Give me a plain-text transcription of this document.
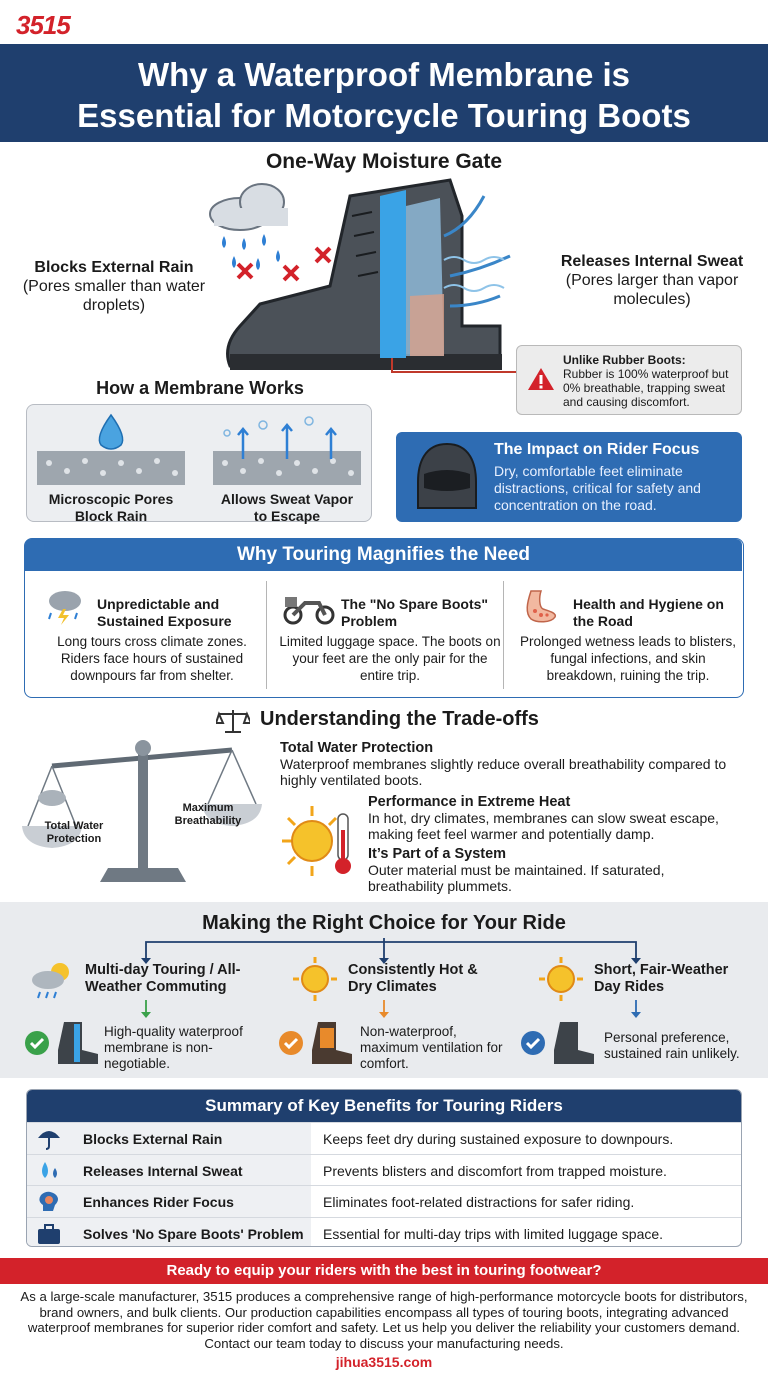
3515
Why a Waterproof Membrane is
Essential for Motorcycle Touring Boots
One-Way Moisture Gate
Blocks External Rain
(Pores smaller than water droplets)
Releases Internal Sweat
(Pores larger than vapor molecules)
Unlike Rubber Boots:
Rubber is 100% waterproof but 0% breathable, trapping sweat and causing discomfort.
How a Membrane Works
Microscopic Pores Block Rain
Allows Sweat Vapor to Escape
The Impact on Rider Focus
Dry, comfortable feet eliminate distractions, critical for safety and concentration on the road.
Why Touring Magnifies the Need
Unpredictable and Sustained Exposure
Long tours cross climate zones. Riders face hours of sustained downpours far from shelter.
The "No Spare Boots" Problem
Limited luggage space. The boots on your feet are the only pair for the entire trip.
Health and Hygiene on the Road
Prolonged wetness leads to blisters, fungal infections, and skin breakdown, ruining the trip.
Understanding the Trade-offs
Total Water Protection
Maximum Breathability
Total Water Protection
Waterproof membranes slightly reduce overall breathability compared to highly ventilated boots.
Performance in Extreme Heat
In hot, dry climates, membranes can slow sweat escape, making feet feel warmer and potentially damp.
It’s Part of a System
Outer material must be maintained. If saturated, breathability plummets.
Making the Right Choice for Your Ride
Multi-day Touring / All-Weather Commuting
High-quality waterproof membrane is non-negotiable.
Consistently Hot & Dry Climates
Non-waterproof, maximum ventilation for comfort.
Short, Fair-Weather Day Rides
Personal preference, sustained rain unlikely.
Summary of Key Benefits for Touring Riders
Blocks External Rain	Keeps feet dry during sustained exposure to downpours.
Releases Internal Sweat	Prevents blisters and discomfort from trapped moisture.
Enhances Rider Focus	Eliminates foot-related distractions for safer riding.
Solves 'No Spare Boots' Problem Essential for multi-day trips with limited luggage space.
Ready to equip your riders with the best in touring footwear?
As a large-scale manufacturer, 3515 produces a comprehensive range of high-performance motorcycle boots for distributors, brand owners, and bulk clients. Our production capabilities encompass all types of touring boots, integrating advanced waterproof membranes for superior rider comfort and safety. Let us help you deliver the reliability your customers demand. Contact our team today to discuss your manufacturing needs.
jihua3515.com
